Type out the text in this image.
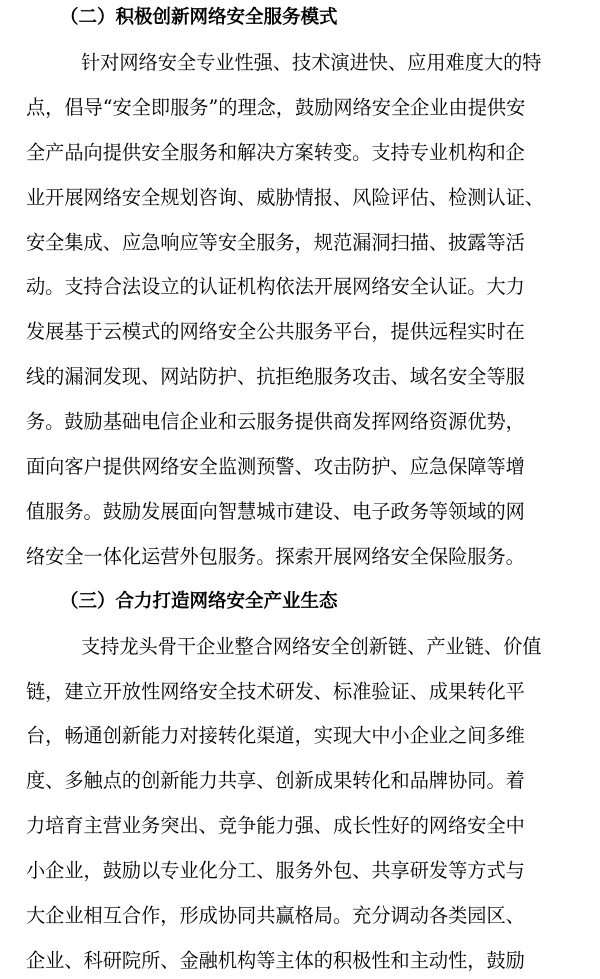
（二）积极创新网络安全服务模式
针对网络安全专业性强、技术演进快、应用难度大的特
点，倡导“安全即服务”的理念，鼓励网络安全企业由提供安
全产品向提供安全服务和解决方案转变。支持专业机构和企
业开展网络安全规划咨询、威胁情报、风险评估、检测认证、
安全集成、应急响应等安全服务，规范漏洞扫描、披露等活
动。支持合法设立的认证机构依法开展网络安全认证。大力
发展基于云模式的网络安全公共服务平台，提供远程实时在
线的漏洞发现、网站防护、抗拒绝服务攻击、域名安全等服
务。鼓励基础电信企业和云服务提供商发挥网络资源优势，
面向客户提供网络安全监测预警、攻击防护、应急保障等增
值服务。鼓励发展面向智慧城市建设、电子政务等领域的网
络安全一体化运营外包服务。探索开展网络安全保险服务。
（三）合力打造网络安全产业生态
支持龙头骨干企业整合网络安全创新链、产业链、价值
链，建立开放性网络安全技术研发、标准验证、成果转化平
台，畅通创新能力对接转化渠道，实现大中小企业之间多维
度、多触点的创新能力共享、创新成果转化和品牌协同。着
力培育主营业务突出、竞争能力强、成长性好的网络安全中
小企业，鼓励以专业化分工、服务外包、共享研发等方式与
大企业相互合作，形成协同共赢格局。充分调动各类园区、
企业、科研院所、金融机构等主体的积极性和主动性，鼓励
